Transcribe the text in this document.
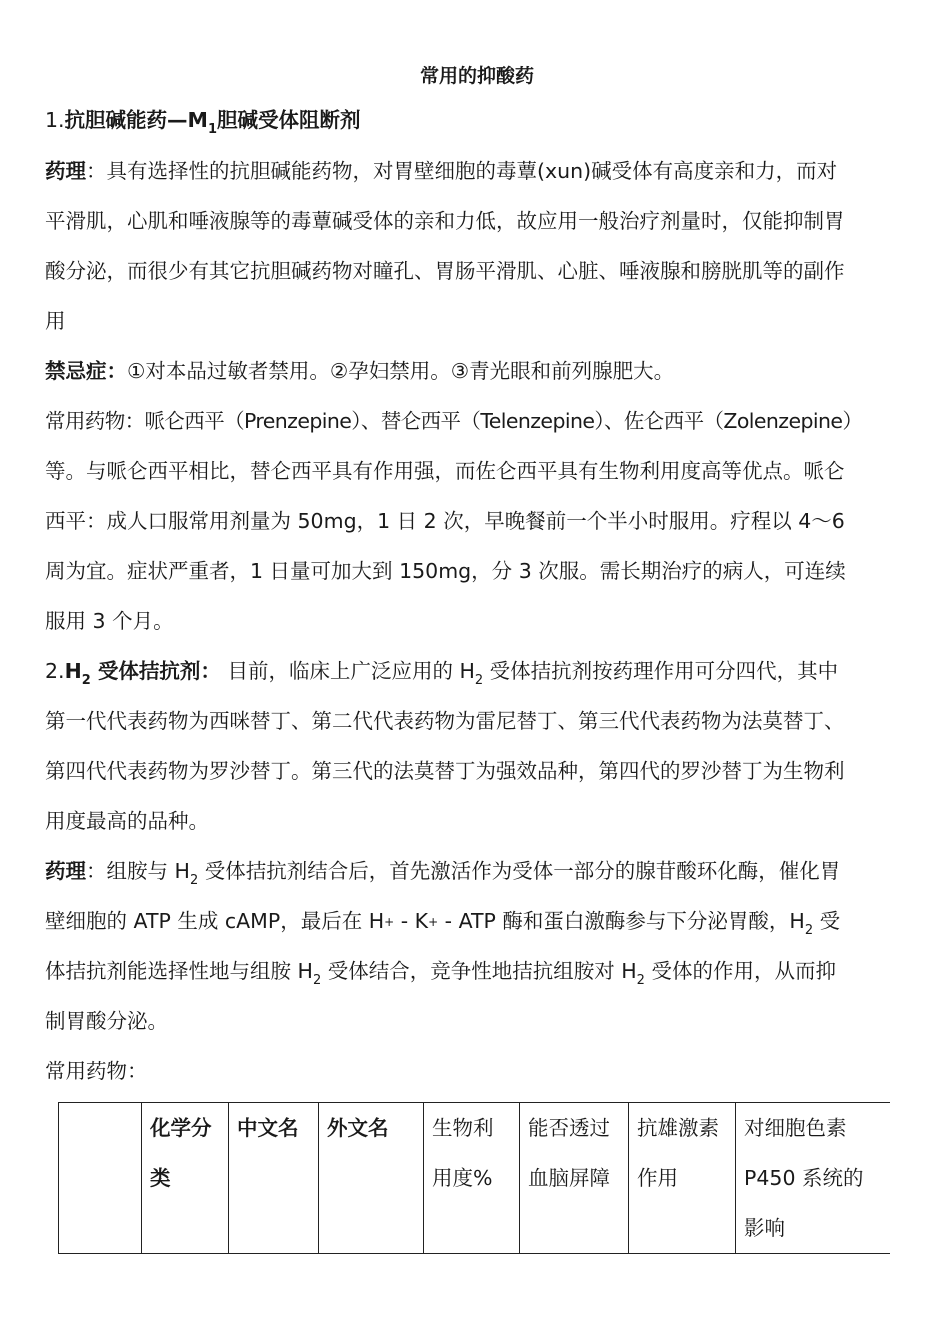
常用的抑酸药
1.抗胆碱能药$—M_1$胆碱受体阻断剂
药理：具有选择性的抗胆碱能药物，对胃壁细胞的毒蕈(xun)碱受体有高度亲和力，而对
平滑肌，心肌和唾液腺等的毒蕈碱受体的亲和力低，故应用一般治疗剂量时，仅能抑制胃
酸分泌，而很少有其它抗胆碱药物对瞳孔、胃肠平滑肌、心脏、唾液腺和膀胱肌等的副作
用
禁忌症：①对本品过敏者禁用。②孕妇禁用。③青光眼和前列腺肥大。
常用药物：哌仑西平（Prenzepine）、替仑西平（Telenzepine）、佐仑西平（Zolenzepine）
等。与哌仑西平相比，替仑西平具有作用强，而佐仑西平具有生物利用度高等优点。哌仑
西平：成人口服常用剂量为 50mg，1 日 2 次，早晚餐前一个半小时服用。疗程以 4～6
周为宜。症状严重者，1 日量可加大到 150mg，分 3 次服。需长期治疗的病人，可连续
服用 3 个月。
$2.H_2$ 受体拮抗剂： 目前，临床上广泛应用的 $H_2$ 受体拮抗剂按药理作用可分四代，其中
第一代代表药物为西咪替丁、第二代代表药物为雷尼替丁、第三代代表药物为法莫替丁、
第四代代表药物为罗沙替丁。第三代的法莫替丁为强效品种，第四代的罗沙替丁为生物利
用度最高的品种。
药理：组胺与 $H_2$ 受体拮抗剂结合后，首先激活作为受体一部分的腺苷酸环化酶，催化胃
壁细胞的 ATP 生成 cAMP，最后在 H+ - K+ - ATP 酶和蛋白激酶参与下分泌胃酸，$H_2$ 受
体拮抗剂能选择性地与组胺 $H_2$ 受体结合，竞争性地拮抗组胺对 $H_2$ 受体的作用，从而抑
制胃酸分泌。
常用药物：
	化学分类	中文名	外文名	生物利用度%	能否透过血脑屏障	抗雄激素作用	对细胞色素P450 系统的影响
